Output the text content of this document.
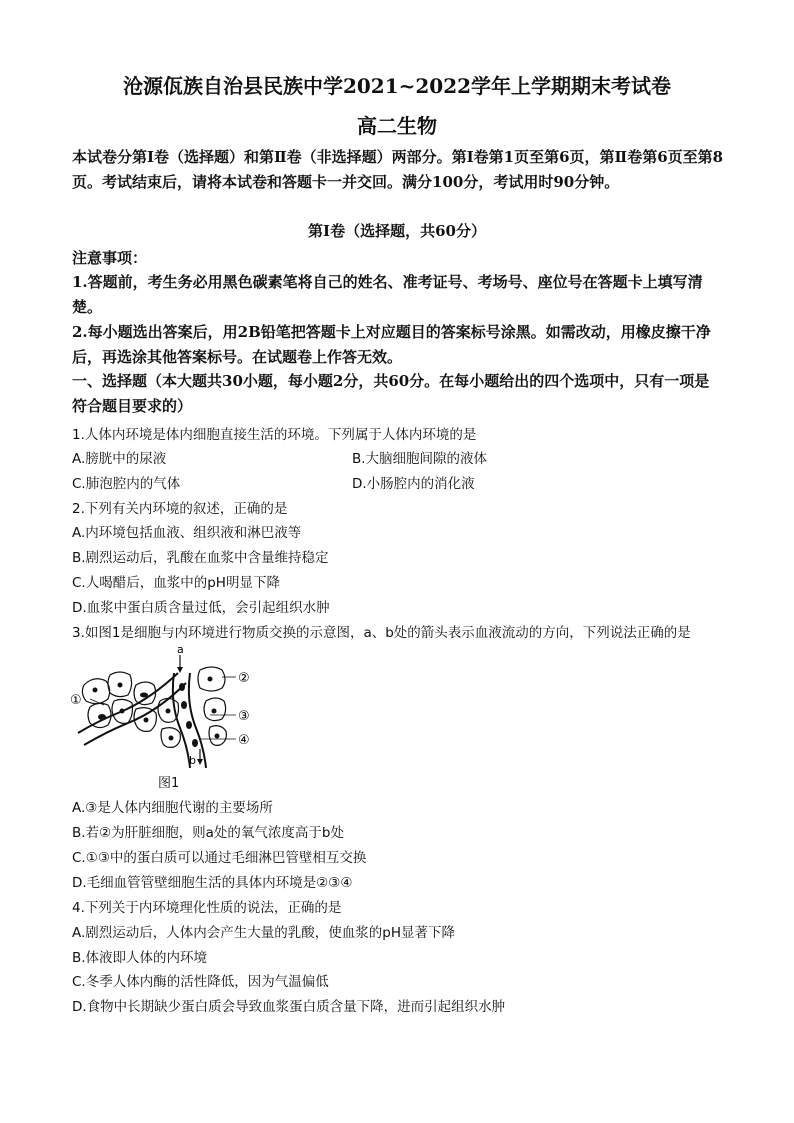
沧源佤族自治县民族中学2021~2022学年上学期期末考试卷
高二生物
本试卷分第Ⅰ卷（选择题）和第Ⅱ卷（非选择题）两部分。第Ⅰ卷第1页至第6页，第Ⅱ卷第6页至第8页。考试结束后，请将本试卷和答题卡一并交回。满分100分，考试用时90分钟。
第Ⅰ卷（选择题，共60分）
注意事项：
1.答题前，考生务必用黑色碳素笔将自己的姓名、准考证号、考场号、座位号在答题卡上填写清楚。
2.每小题选出答案后，用2B铅笔把答题卡上对应题目的答案标号涂黑。如需改动，用橡皮擦干净后，再选涂其他答案标号。在试题卷上作答无效。
一、选择题（本大题共30小题，每小题2分，共60分。在每小题给出的四个选项中，只有一项是符合题目要求的）
1.人体内环境是体内细胞直接生活的环境。下列属于人体内环境的是
A.膀胱中的尿液	B.大脑细胞间隙的液体
C.肺泡腔内的气体	D.小肠腔内的消化液
2.下列有关内环境的叙述，正确的是
A.内环境包括血液、组织液和淋巴液等
B.剧烈运动后，乳酸在血浆中含量维持稳定
C.人喝醋后，血浆中的pH明显下降
D.血浆中蛋白质含量过低，会引起组织水肿
3.如图1是细胞与内环境进行物质交换的示意图，a、b处的箭头表示血液流动的方向，下列说法正确的是
a
b
①
②
③
④
图1
A.③是人体内细胞代谢的主要场所
B.若②为肝脏细胞，则a处的氧气浓度高于b处
C.①③中的蛋白质可以通过毛细淋巴管壁相互交换
D.毛细血管管壁细胞生活的具体内环境是②③④
4.下列关于内环境理化性质的说法，正确的是
A.剧烈运动后，人体内会产生大量的乳酸，使血浆的pH显著下降
B.体液即人体的内环境
C.冬季人体内酶的活性降低，因为气温偏低
D.食物中长期缺少蛋白质会导致血浆蛋白质含量下降，进而引起组织水肿
